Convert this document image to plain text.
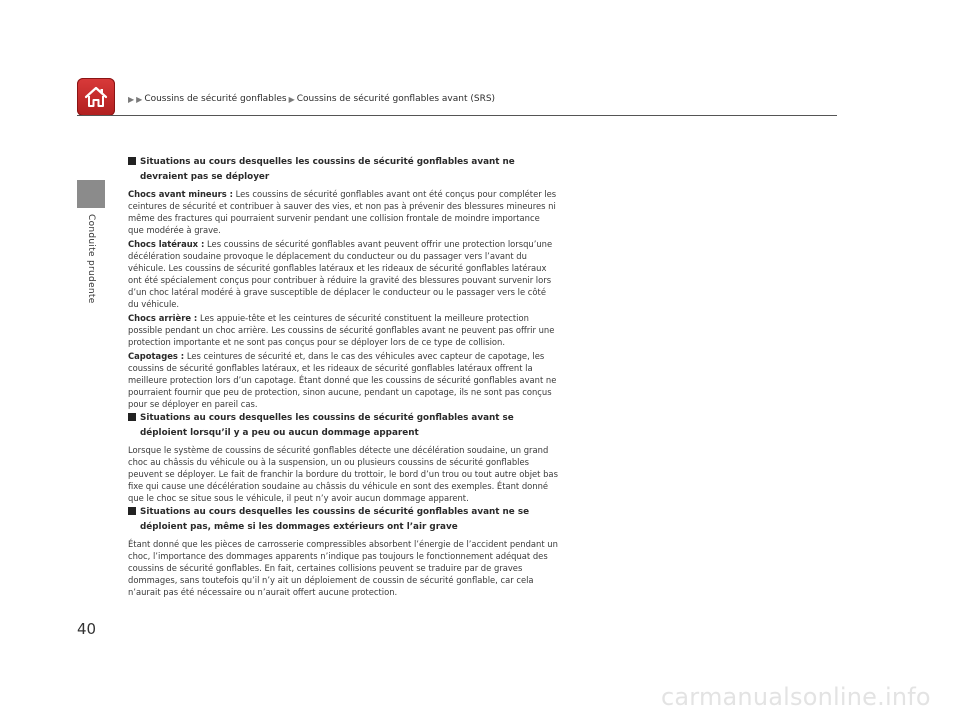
▶ ▶ Coussins de sécurité gonflables ▶ Coussins de sécurité gonflables avant (SRS)
Conduite prudente
Situations au cours desquelles les coussins de sécurité gonflables avant ne devraient pas se déployer

Chocs avant mineurs : Les coussins de sécurité gonflables avant ont été conçus pour compléter les ceintures de sécurité et contribuer à sauver des vies, et non pas à prévenir des blessures mineures ni même des fractures qui pourraient survenir pendant une collision frontale de moindre importance que modérée à grave.

Chocs latéraux : Les coussins de sécurité gonflables avant peuvent offrir une protection lorsqu’une décélération soudaine provoque le déplacement du conducteur ou du passager vers l’avant du véhicule. Les coussins de sécurité gonflables latéraux et les rideaux de sécurité gonflables latéraux ont été spécialement conçus pour contribuer à réduire la gravité des blessures pouvant survenir lors d’un choc latéral modéré à grave susceptible de déplacer le conducteur ou le passager vers le côté du véhicule.

Chocs arrière : Les appuie-tête et les ceintures de sécurité constituent la meilleure protection possible pendant un choc arrière. Les coussins de sécurité gonflables avant ne peuvent pas offrir une protection importante et ne sont pas conçus pour se déployer lors de ce type de collision.

Capotages : Les ceintures de sécurité et, dans le cas des véhicules avec capteur de capotage, les coussins de sécurité gonflables latéraux, et les rideaux de sécurité gonflables latéraux offrent la meilleure protection lors d’un capotage. Étant donné que les coussins de sécurité gonflables avant ne pourraient fournir que peu de protection, sinon aucune, pendant un capotage, ils ne sont pas conçus pour se déployer en pareil cas.

Situations au cours desquelles les coussins de sécurité gonflables avant se déploient lorsqu’il y a peu ou aucun dommage apparent

Lorsque le système de coussins de sécurité gonflables détecte une décélération soudaine, un grand choc au châssis du véhicule ou à la suspension, un ou plusieurs coussins de sécurité gonflables peuvent se déployer. Le fait de franchir la bordure du trottoir, le bord d’un trou ou tout autre objet bas fixe qui cause une décélération soudaine au châssis du véhicule en sont des exemples. Étant donné que le choc se situe sous le véhicule, il peut n’y avoir aucun dommage apparent.

Situations au cours desquelles les coussins de sécurité gonflables avant ne se déploient pas, même si les dommages extérieurs ont l’air grave

Étant donné que les pièces de carrosserie compressibles absorbent l’énergie de l’accident pendant un choc, l’importance des dommages apparents n’indique pas toujours le fonctionnement adéquat des coussins de sécurité gonflables. En fait, certaines collisions peuvent se traduire par de graves dommages, sans toutefois qu’il n’y ait un déploiement de coussin de sécurité gonflable, car cela n’aurait pas été nécessaire ou n’aurait offert aucune protection.

40
carmanualsonline.info
